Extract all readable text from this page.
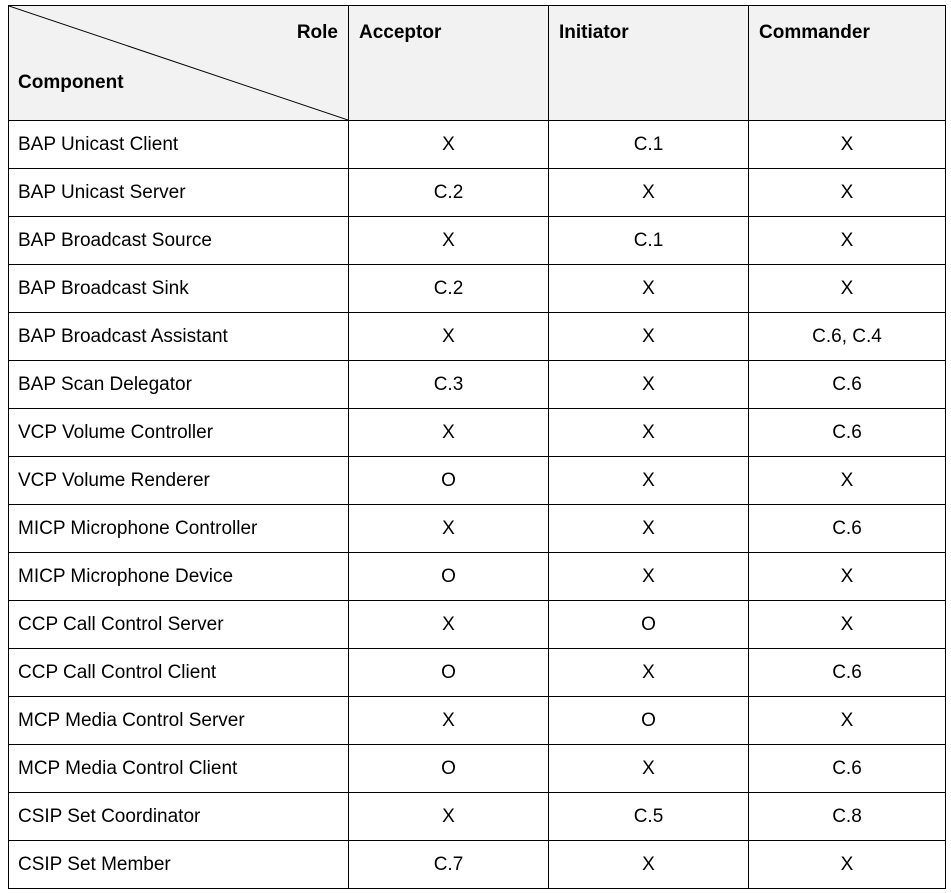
Role
Component	Acceptor	Initiator	Commander

BAP Unicast Client	X	C.1	X
BAP Unicast Server	C.2	X	X
BAP Broadcast Source	X	C.1	X
BAP Broadcast Sink	C.2	X	X
BAP Broadcast Assistant	X	X	C.6, C.4
BAP Scan Delegator	C.3	X	C.6
VCP Volume Controller	X	X	C.6
VCP Volume Renderer	O	X	X
MICP Microphone Controller	X	X	C.6
MICP Microphone Device	O	X	X
CCP Call Control Server	X	O	X
CCP Call Control Client	O	X	C.6
MCP Media Control Server	X	O	X
MCP Media Control Client	O	X	C.6
CSIP Set Coordinator	X	C.5	C.8
CSIP Set Member	C.7	X	X
